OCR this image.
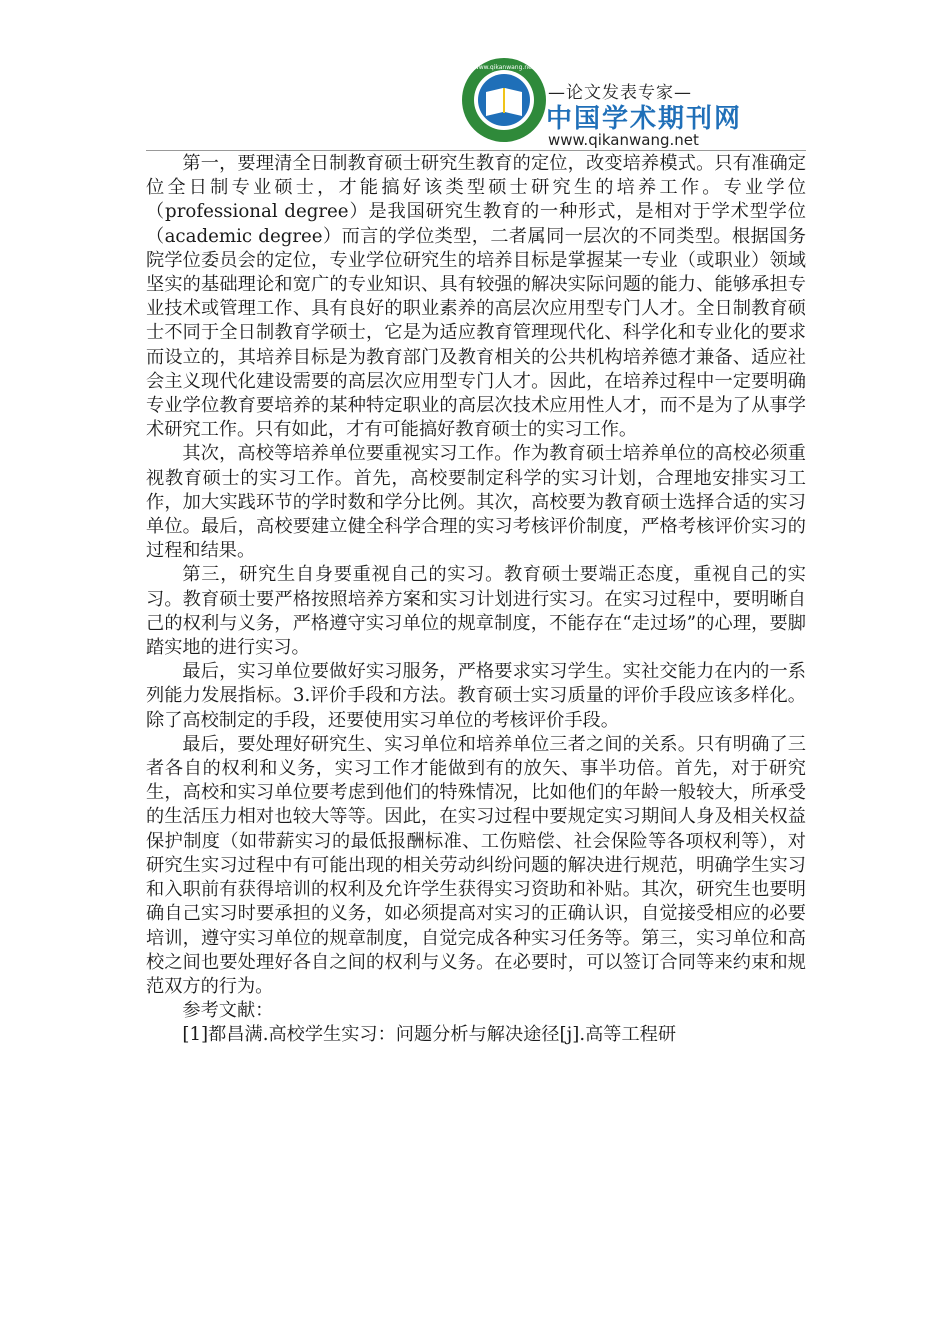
www.qikanwang.net
—论文发表专家—
中国学术期刊网
www.qikanwang.net

第一，要理清全日制教育硕士研究生教育的定位，改变培养模式。只有准确定位全日制专业硕士，才能搞好该类型硕士研究生的培养工作。专业学位（professional degree）是我国研究生教育的一种形式，是相对于学术型学位（academic degree）而言的学位类型，二者属同一层次的不同类型。根据国务院学位委员会的定位，专业学位研究生的培养目标是掌握某一专业（或职业）领域坚实的基础理论和宽广的专业知识、具有较强的解决实际问题的能力、能够承担专业技术或管理工作、具有良好的职业素养的高层次应用型专门人才。全日制教育硕士不同于全日制教育学硕士，它是为适应教育管理现代化、科学化和专业化的要求而设立的，其培养目标是为教育部门及教育相关的公共机构培养德才兼备、适应社会主义现代化建设需要的高层次应用型专门人才。因此，在培养过程中一定要明确专业学位教育要培养的某种特定职业的高层次技术应用性人才，而不是为了从事学术研究工作。只有如此，才有可能搞好教育硕士的实习工作。

其次，高校等培养单位要重视实习工作。作为教育硕士培养单位的高校必须重视教育硕士的实习工作。首先，高校要制定科学的实习计划，合理地安排实习工作，加大实践环节的学时数和学分比例。其次，高校要为教育硕士选择合适的实习单位。最后，高校要建立健全科学合理的实习考核评价制度，严格考核评价实习的过程和结果。

第三，研究生自身要重视自己的实习。教育硕士要端正态度，重视自己的实习。教育硕士要严格按照培养方案和实习计划进行实习。在实习过程中，要明晰自己的权利与义务，严格遵守实习单位的规章制度，不能存在“走过场”的心理，要脚踏实地的进行实习。

最后，实习单位要做好实习服务，严格要求实习学生。实社交能力在内的一系列能力发展指标。3.评价手段和方法。教育硕士实习质量的评价手段应该多样化。除了高校制定的手段，还要使用实习单位的考核评价手段。

最后，要处理好研究生、实习单位和培养单位三者之间的关系。只有明确了三者各自的权利和义务，实习工作才能做到有的放矢、事半功倍。首先，对于研究生，高校和实习单位要考虑到他们的特殊情况，比如他们的年龄一般较大，所承受的生活压力相对也较大等等。因此，在实习过程中要规定实习期间人身及相关权益保护制度（如带薪实习的最低报酬标准、工伤赔偿、社会保险等各项权利等），对研究生实习过程中有可能出现的相关劳动纠纷问题的解决进行规范，明确学生实习和入职前有获得培训的权利及允许学生获得实习资助和补贴。其次，研究生也要明确自己实习时要承担的义务，如必须提高对实习的正确认识，自觉接受相应的必要培训，遵守实习单位的规章制度，自觉完成各种实习任务等。第三，实习单位和高校之间也要处理好各自之间的权利与义务。在必要时，可以签订合同等来约束和规范双方的行为。

参考文献：

[1]都昌满.高校学生实习：问题分析与解决途径[j].高等工程研
